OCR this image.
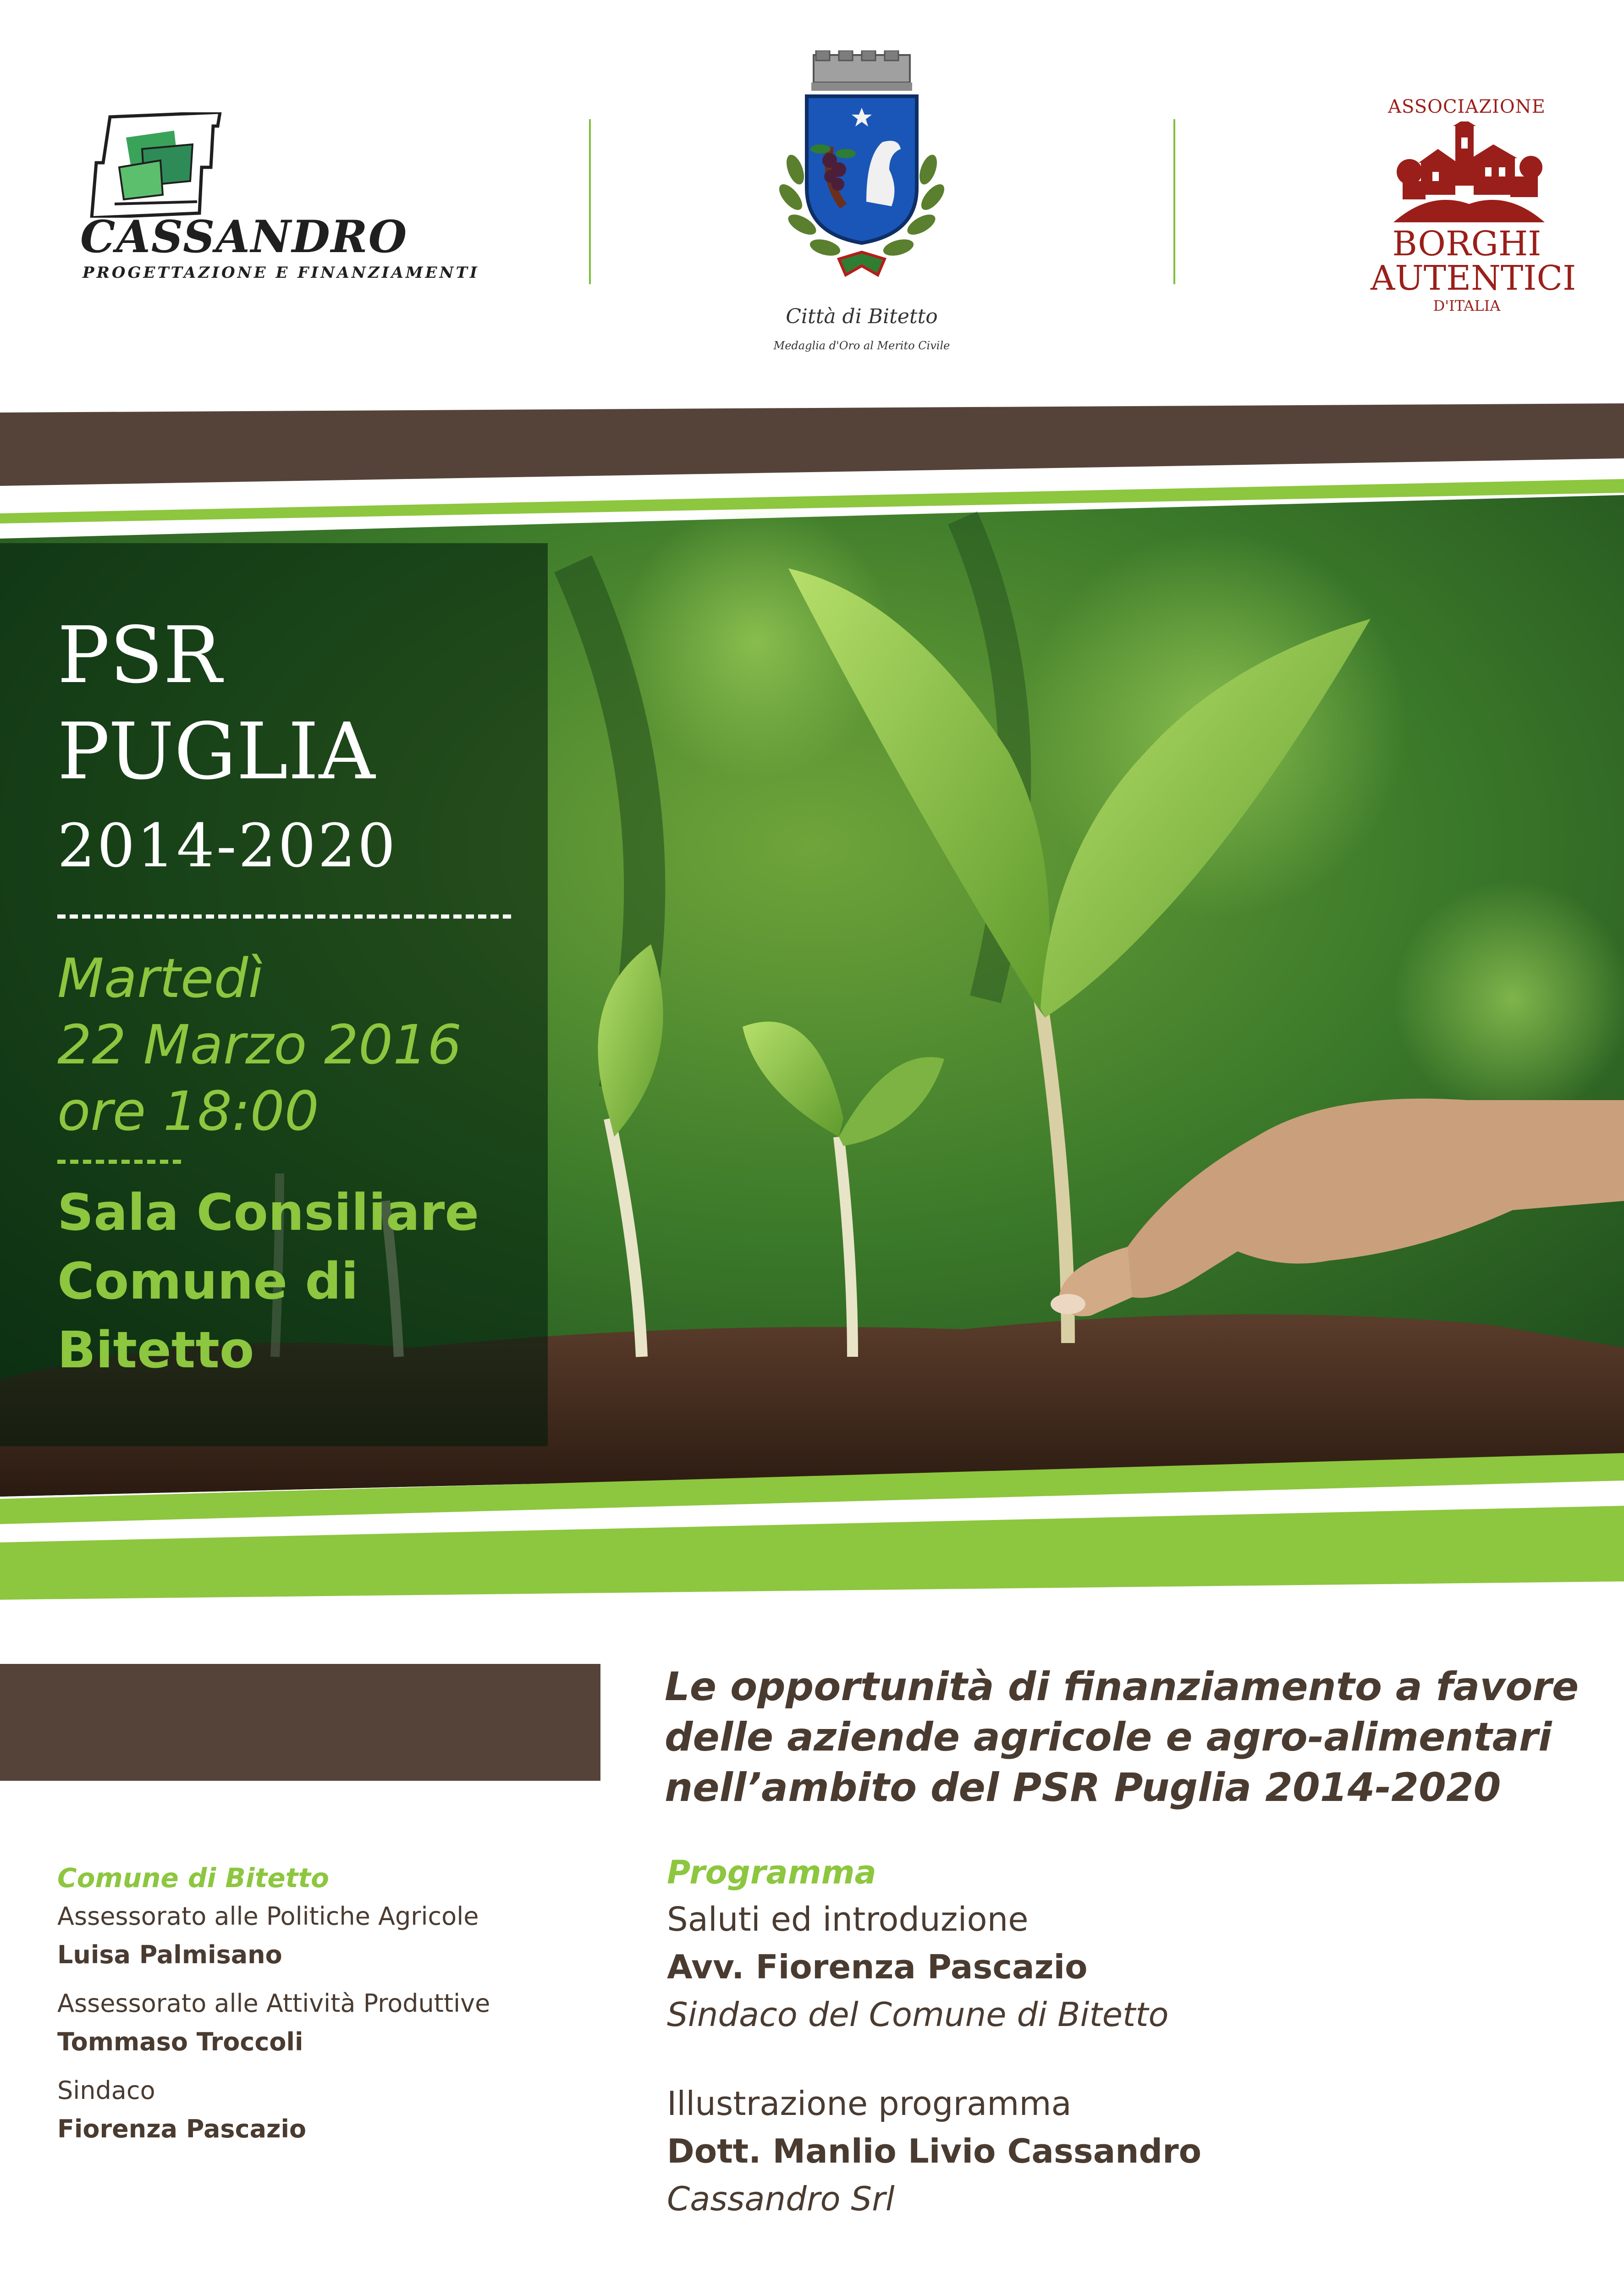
CASSANDRO
PROGETTAZIONE E FINANZIAMENTI
Città di Bitetto
Medaglia d'Oro al Merito Civile
ASSOCIAZIONE
BORGHI
AUTENTICI
D'ITALIA
PSR
PUGLIA
2014-2020
Martedì
22 Marzo 2016
ore 18:00
Sala Consiliare
Comune di
Bitetto
Le opportunità di finanziamento a favore
delle aziende agricole e agro-alimentari
nell’ambito del PSR Puglia 2014-2020
Comune di Bitetto
Assessorato alle Politiche Agricole
Luisa Palmisano
Assessorato alle Attività Produttive
Tommaso Troccoli
Sindaco
Fiorenza Pascazio
Programma
Saluti ed introduzione
Avv. Fiorenza Pascazio
Sindaco del Comune di Bitetto
Illustrazione programma
Dott. Manlio Livio Cassandro
Cassandro Srl
